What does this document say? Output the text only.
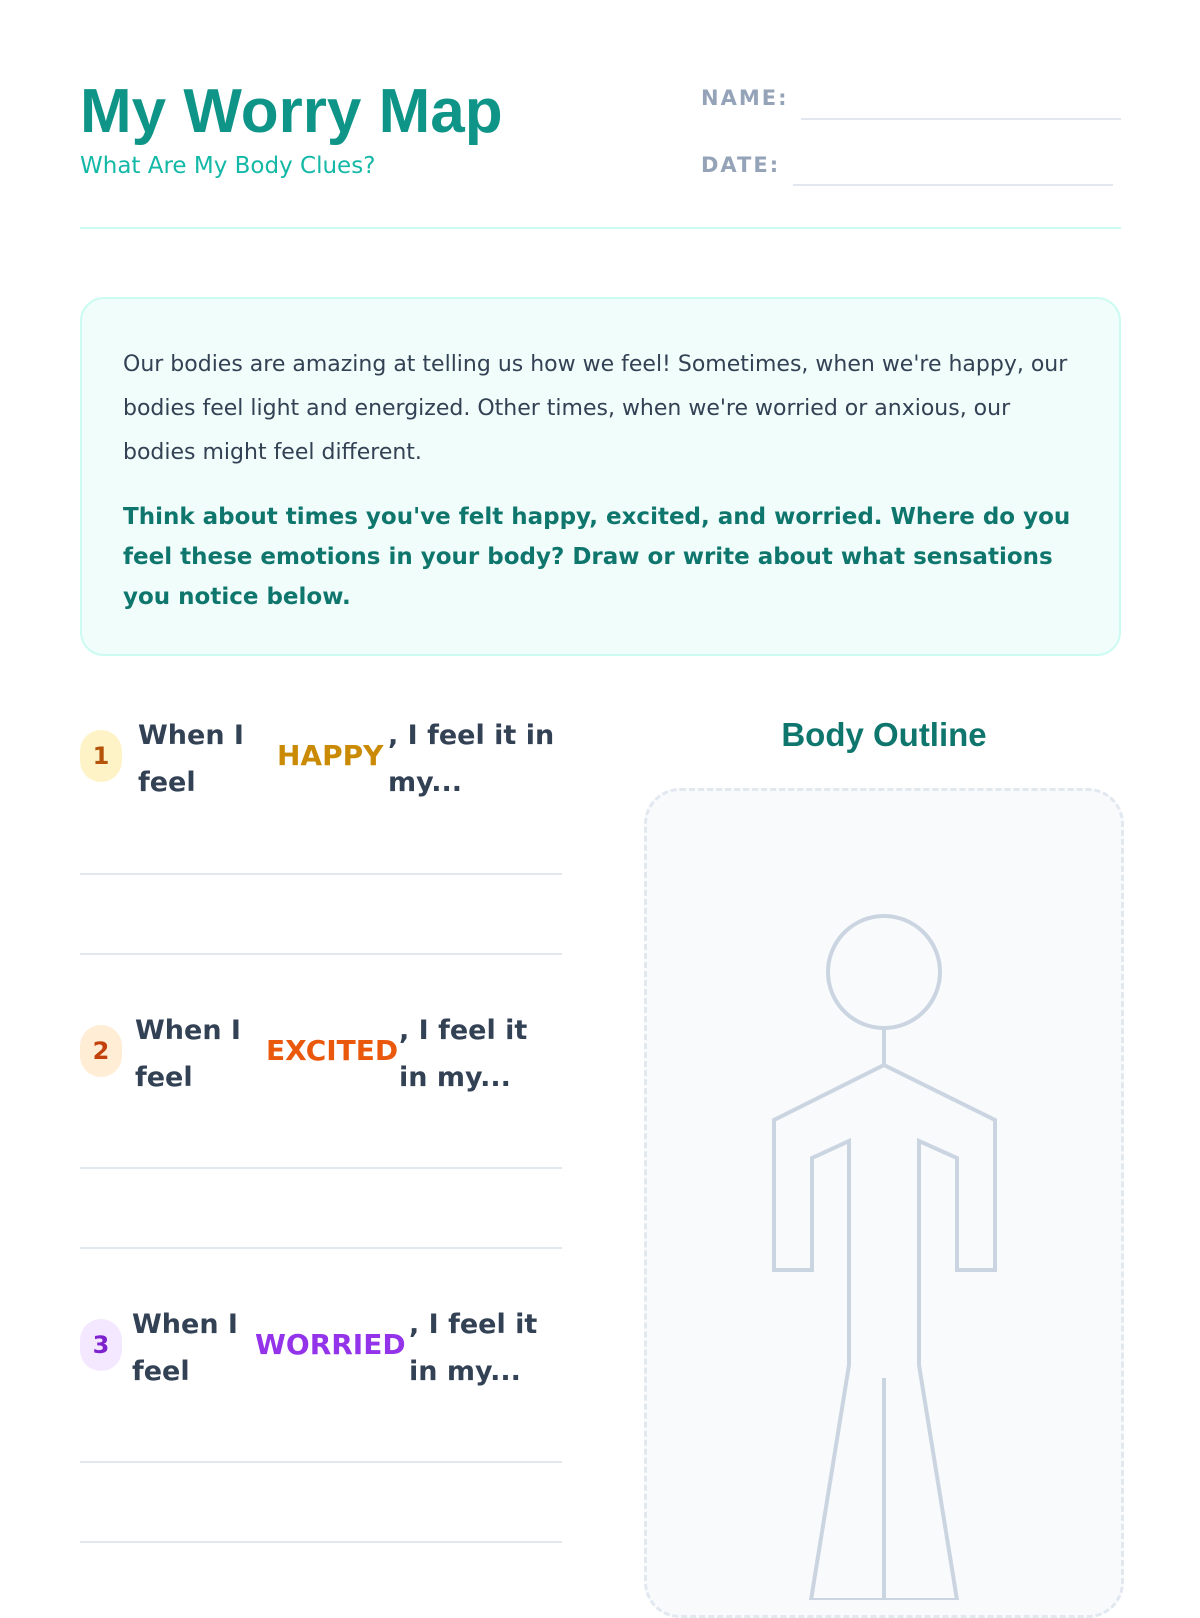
My Worry Map
What Are My Body Clues?
NAME:
DATE:

Our bodies are amazing at telling us how we feel! Sometimes, when we're happy, our bodies feel light and energized. Other times, when we're worried or anxious, our bodies might feel different.

Think about times you've felt happy, excited, and worried. Where do you feel these emotions in your body? Draw or write about what sensations you notice below.

1
When I feel
HAPPY
, I feel it in my...
2
When I feel
EXCITED
, I feel it in my...
3
When I feel
WORRIED
, I feel it in my...
Body Outline
